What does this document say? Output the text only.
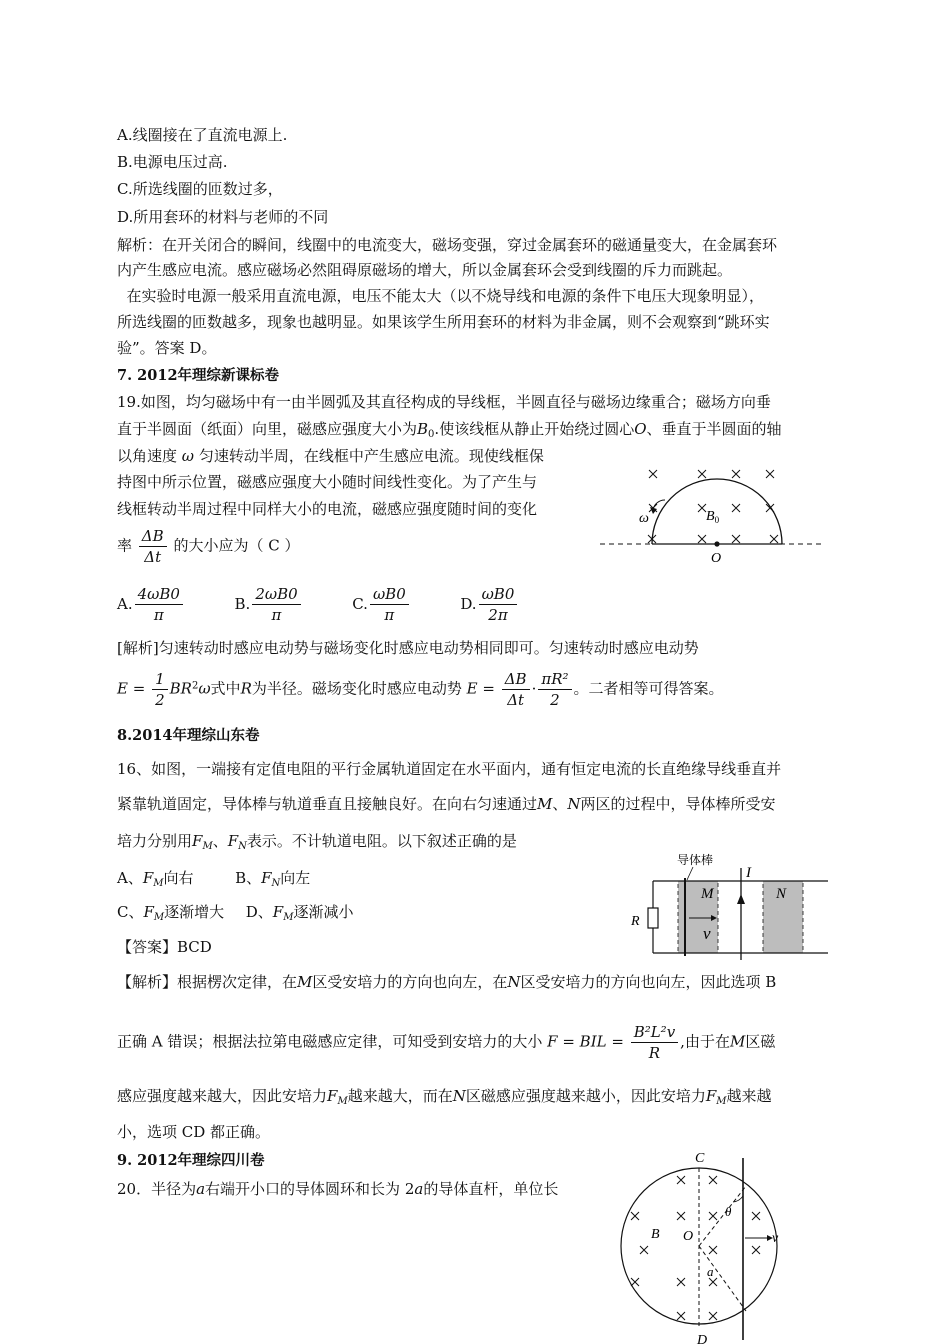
A.线圈接在了直流电源上.
B.电源电压过高.
C.所选线圈的匝数过多，
D.所用套环的材料与老师的不同
解析：在开关闭合的瞬间，线圈中的电流变大，磁场变强，穿过金属套环的磁通量变大，在金属套环
内产生感应电流。感应磁场必然阻碍原磁场的增大，所以金属套环会受到线圈的斥力而跳起。
在实验时电源一般采用直流电源，电压不能太大（以不烧导线和电源的条件下电压大现象明显），
所选线圈的匝数越多，现象也越明显。如果该学生所用套环的材料为非金属，则不会观察到“跳环实
验”。答案 D。
7. 2012年理综新课标卷
19.如图，均匀磁场中有一由半圆弧及其直径构成的导线框，半圆直径与磁场边缘重合；磁场方向垂
直于半圆面（纸面）向里，磁感应强度大小为$B_0$.使该线框从静止开始绕过圆心O、垂直于半圆面的轴
以角速度 ω 匀速转动半周，在线框中产生感应电流。现使线框保
持图中所示位置，磁感应强度大小随时间线性变化。为了产生与
线框转动半周过程中同样大小的电流，磁感应强度随时间的变化
率 $\frac{\Delta B}{\Delta t}$ 的大小应为（ C ）
A. $\frac{4\omega B0}{\pi}$	B. $\frac{2\omega B0}{\pi}$	C. $\frac{\omega B0}{\pi}$	D. $\frac{\omega B0}{2\pi}$
[解析]匀速转动时感应电动势与磁场变化时感应电动势相同即可。匀速转动时感应电动势
$E = \frac{1}{2} BR^2\omega$式中R为半径。磁场变化时感应电动势 $E = \frac{\Delta B}{\Delta t} \cdot \frac{\text{πR²}}{2}$ 。二者相等可得答案。
ω	$B_0$
O
8.2014年理综山东卷
16、如图，一端接有定值电阻的平行金属轨道固定在水平面内，通有恒定电流的长直绝缘导线垂直并
紧靠轨道固定，导体棒与轨道垂直且接触良好。在向右匀速通过M、N两区的过程中，导体棒所受安
培力分别用$F_M$、$F_N$表示。不计轨道电阻。以下叙述正确的是
A、$F_M$向右	B、$F_N$向左
C、$F_M$逐渐增大 D、$F_M$逐渐减小
【答案】BCD
【解析】根据楞次定律，在M区受安培力的方向也向左，在N区受安培力的方向也向左，因此选项 B
正确 A 错误；根据法拉第电磁感应定律，可知受到安培力的大小 F = BIL = $\frac{\text{B²L²v}}{R}$ ,由于在M区磁
感应强度越来越大，因此安培力$F_M$越来越大，而在N区磁感应强度越来越小，因此安培力$F_M$越来越
小，选项 CD 都正确。
导体棒
R
I
M	N
v
9. 2012年理综四川卷
20．半径为a右端开小口的导体圆环和长为 2a的导体直杆，单位长
C
D
O
B
θ
v
a
